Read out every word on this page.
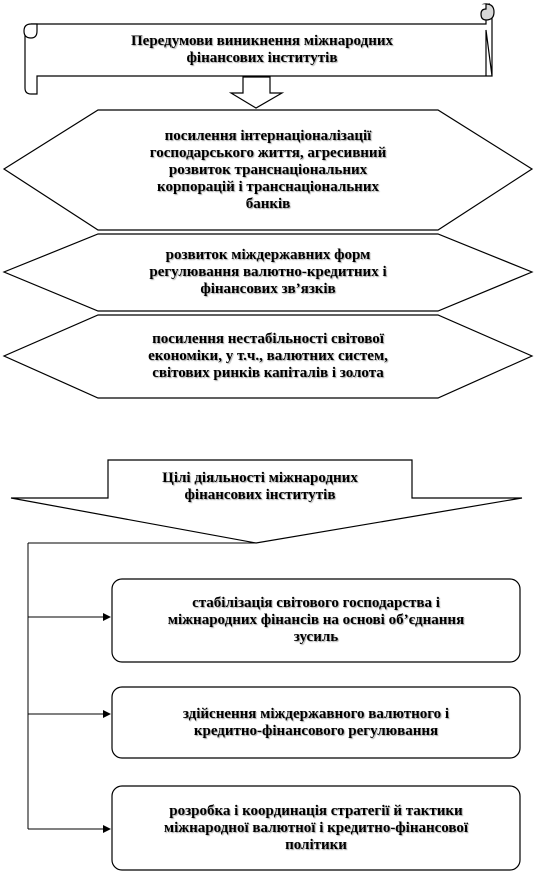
Передумови виникнення міжнародних
фінансових інститутів
посилення інтернаціоналізації
господарського життя, агресивний
розвиток транснаціональних
корпорацій і транснаціональних
банків
розвиток міждержавних форм
регулювання валютно-кредитних і
фінансових зв’язків
посилення нестабільності світової
економіки, у т.ч., валютних систем,
світових ринків капіталів і золота
Цілі діяльності міжнародних
фінансових інститутів
стабілізація світового господарства і
міжнародних фінансів на основі об’єднання
зусиль
здійснення міждержавного валютного і
кредитно-фінансового регулювання
розробка і координація стратегії й тактики
міжнародної валютної і кредитно-фінансової
політики
